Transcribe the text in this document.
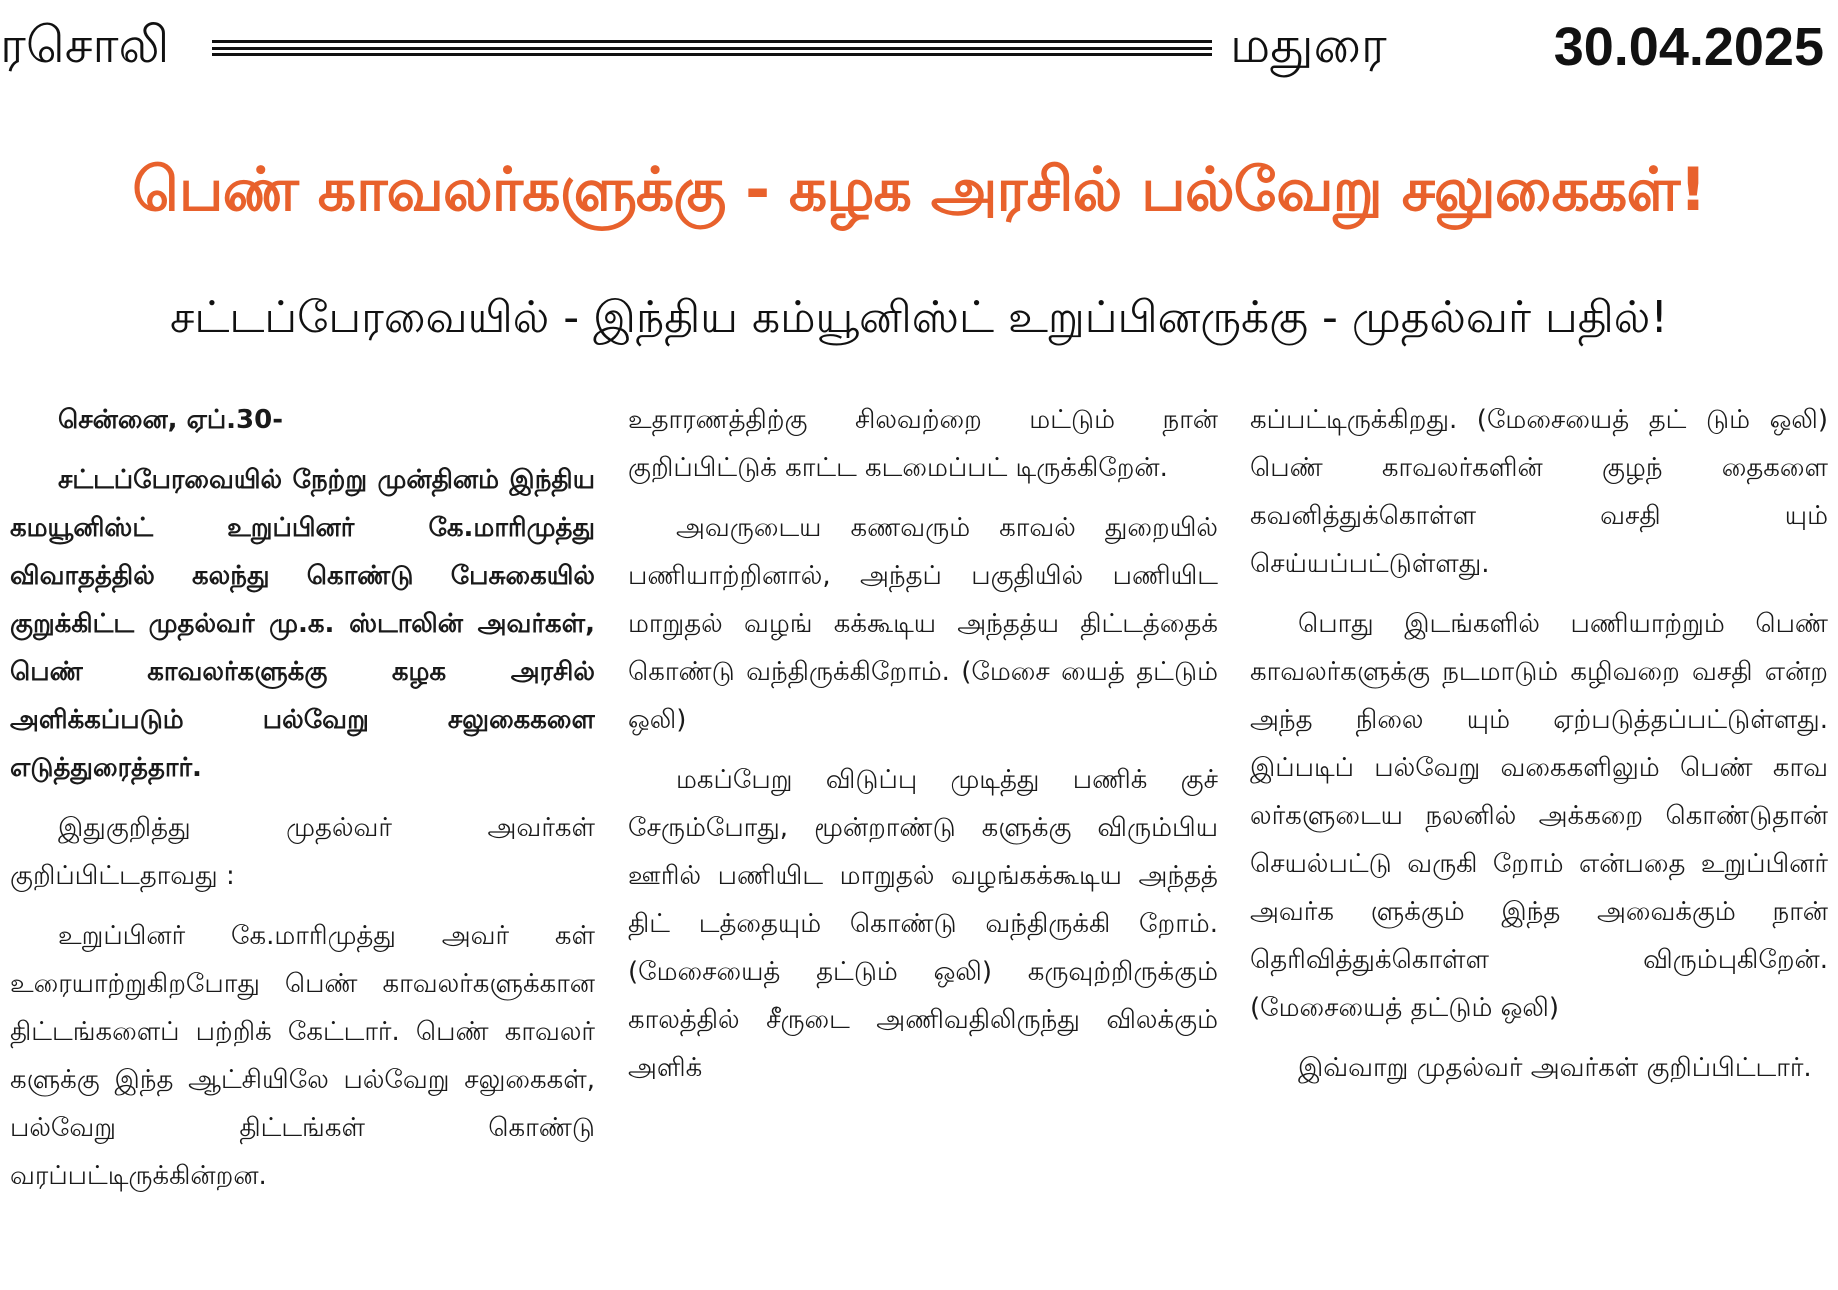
ரசொலி	மதுரை	30.04.2025
பெண் காவலர்களுக்கு - கழக அரசில் பல்வேறு சலுகைகள்!
சட்டப்பேரவையில் - இந்திய கம்யூனிஸ்ட் உறுப்பினருக்கு - முதல்வர் பதில்!

சென்னை, ஏப்.30-

சட்டப்பேரவையில் நேற்று முன்தினம் இந்திய கமயூனிஸ்ட் உறுப்பினர் கே.மாரிமுத்து விவாதத்தில் கலந்து கொண்டு பேசுகையில் குறுக்கிட்ட முதல்வர் மு.க. ஸ்டாலின் அவர்கள், பெண் காவலர்களுக்கு கழக அரசில் அளிக்கப்படும் பல்வேறு சலுகைகளை எடுத்துரைத்தார்.

இதுகுறித்து முதல்வர் அவர்கள் குறிப்பிட்டதாவது :

உறுப்பினர் கே.மாரிமுத்து அவர் கள் உரையாற்றுகிறபோது பெண் காவலர்களுக்கான திட்டங்களைப் பற்றிக் கேட்டார். பெண் காவலர் களுக்கு இந்த ஆட்சியிலே பல்வேறு சலுகைகள், பல்வேறு திட்டங்கள் கொண்டு வரப்பட்டிருக்கின்றன.

உதாரணத்திற்கு சிலவற்றை மட்டும் நான் குறிப்பிட்டுக் காட்ட கடமைப்பட் டிருக்கிறேன்.

அவருடைய கணவரும் காவல் துறையில் பணியாற்றினால், அந்தப் பகுதியில் பணியிட மாறுதல் வழங் கக்கூடிய அந்தத்ய திட்டத்தைக் கொண்டு வந்திருக்கிறோம். (மேசை யைத் தட்டும் ஒலி)

மகப்பேறு விடுப்பு முடித்து பணிக் குச் சேரும்போது, மூன்றாண்டு களுக்கு விரும்பிய ஊரில் பணியிட மாறுதல் வழங்கக்கூடிய அந்தத் திட் டத்தையும் கொண்டு வந்திருக்கி றோம். (மேசையைத் தட்டும் ஒலி) கருவுற்றிருக்கும் காலத்தில் சீருடை அணிவதிலிருந்து விலக்கும் அளிக்

கப்பட்டிருக்கிறது. (மேசையைத் தட் டும் ஒலி) பெண் காவலர்களின் குழந் தைகளை கவனித்துக்கொள்ள வசதி யும் செய்யப்பட்டுள்ளது.

பொது இடங்களில் பணியாற்றும் பெண் காவலர்களுக்கு நடமாடும் கழிவறை வசதி என்ற அந்த நிலை யும் ஏற்படுத்தப்பட்டுள்ளது. இப்படிப் பல்வேறு வகைகளிலும் பெண் காவ லர்களுடைய நலனில் அக்கறை கொண்டுதான் செயல்பட்டு வருகி றோம் என்பதை உறுப்பினர் அவர்க ளுக்கும் இந்த அவைக்கும் நான் தெரிவித்துக்கொள்ள விரும்புகிறேன். (மேசையைத் தட்டும் ஒலி)

இவ்வாறு முதல்வர் அவர்கள் குறிப்பிட்டார்.
